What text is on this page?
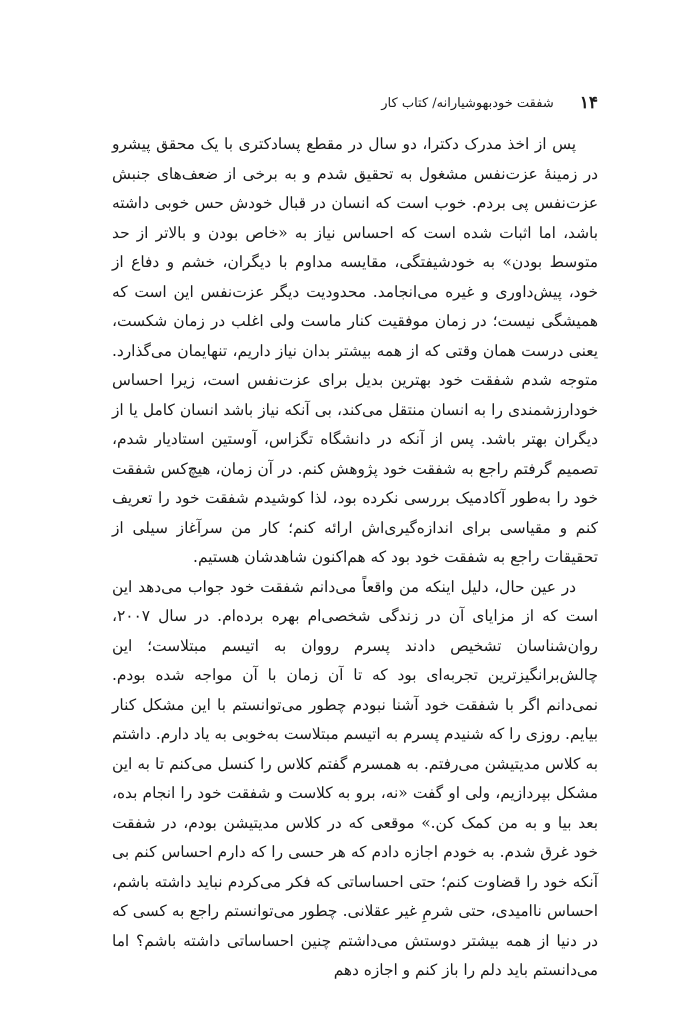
۱۴
شفقت خودبهوشیارانه/ کتاب کار

پس از اخذ مدرک دکترا، دو سال در مقطع پسادکتری با یک محقق پیشرو در زمینهٔ عزت‌نفس مشغول به تحقیق شدم و به برخی از ضعف‌های جنبش عزت‌نفس پی بردم. خوب است که انسان در قبال خودش حس خوبی داشته باشد، اما اثبات شده است که احساس نیاز به «خاص بودن و بالاتر از حد متوسط بودن» به خودشیفتگی، مقایسه مداوم با دیگران، خشم و دفاع از خود، پیش‌داوری و غیره می‌انجامد. محدودیت دیگر عزت‌نفس این است که همیشگی نیست؛ در زمان موفقیت کنار ماست ولی اغلب در زمان شکست، یعنی درست همان وقتی که از همه بیشتر بدان نیاز داریم، تنهایمان می‌گذارد. متوجه شدم شفقت خود بهترین بدیل برای عزت‌نفس است، زیرا احساس خودارزشمندی را به انسان منتقل می‌کند، بی آنکه نیاز باشد انسان کامل یا از دیگران بهتر باشد. پس از آنکه در دانشگاه تگزاس، آوستین استادیار شدم، تصمیم گرفتم راجع به شفقت خود پژوهش کنم. در آن زمان، هیچ‌کس شفقت خود را به‌طور آکادمیک بررسی نکرده بود، لذا کوشیدم شفقت خود را تعریف کنم و مقیاسی برای اندازه‌گیری‌اش ارائه کنم؛ کار من سرآغاز سیلی از تحقیقات راجع به شفقت خود بود که هم‌اکنون شاهدشان هستیم.

در عین حال، دلیل اینکه من واقعاً می‌دانم شفقت خود جواب می‌دهد این است که از مزایای آن در زندگی شخصی‌ام بهره بردەام. در سال ۲۰۰۷، روان‌شناسان تشخیص دادند پسرم رووان به اتیسم مبتلاست؛ این چالش‌برانگیزترین تجربه‌ای بود که تا آن زمان با آن مواجه شده بودم. نمی‌دانم اگر با شفقت خود آشنا نبودم چطور می‌توانستم با این مشکل کنار بیایم. روزی را که شنیدم پسرم به اتیسم مبتلاست به‌خوبی به یاد دارم. داشتم به کلاس مدیتیشن می‌رفتم. به همسرم گفتم کلاس را کنسل می‌کنم تا به این مشکل بپردازیم، ولی او گفت «نه، برو به کلاست و شفقت خود را انجام بده، بعد بیا و به من کمک کن.» موقعی که در کلاس مدیتیشن بودم، در شفقت خود غرق شدم. به خودم اجازه دادم که هر حسی را که دارم احساس کنم بی آنکه خود را قضاوت کنم؛ حتی احساساتی که فکر می‌کردم نباید داشته باشم، احساس ناامیدی، حتی شرمِ غیر عقلانی. چطور می‌توانستم راجع به کسی که در دنیا از همه بیشتر دوستش می‌داشتم چنین احساساتی داشته باشم؟ اما می‌دانستم باید دلم را باز کنم و اجازه دهم
